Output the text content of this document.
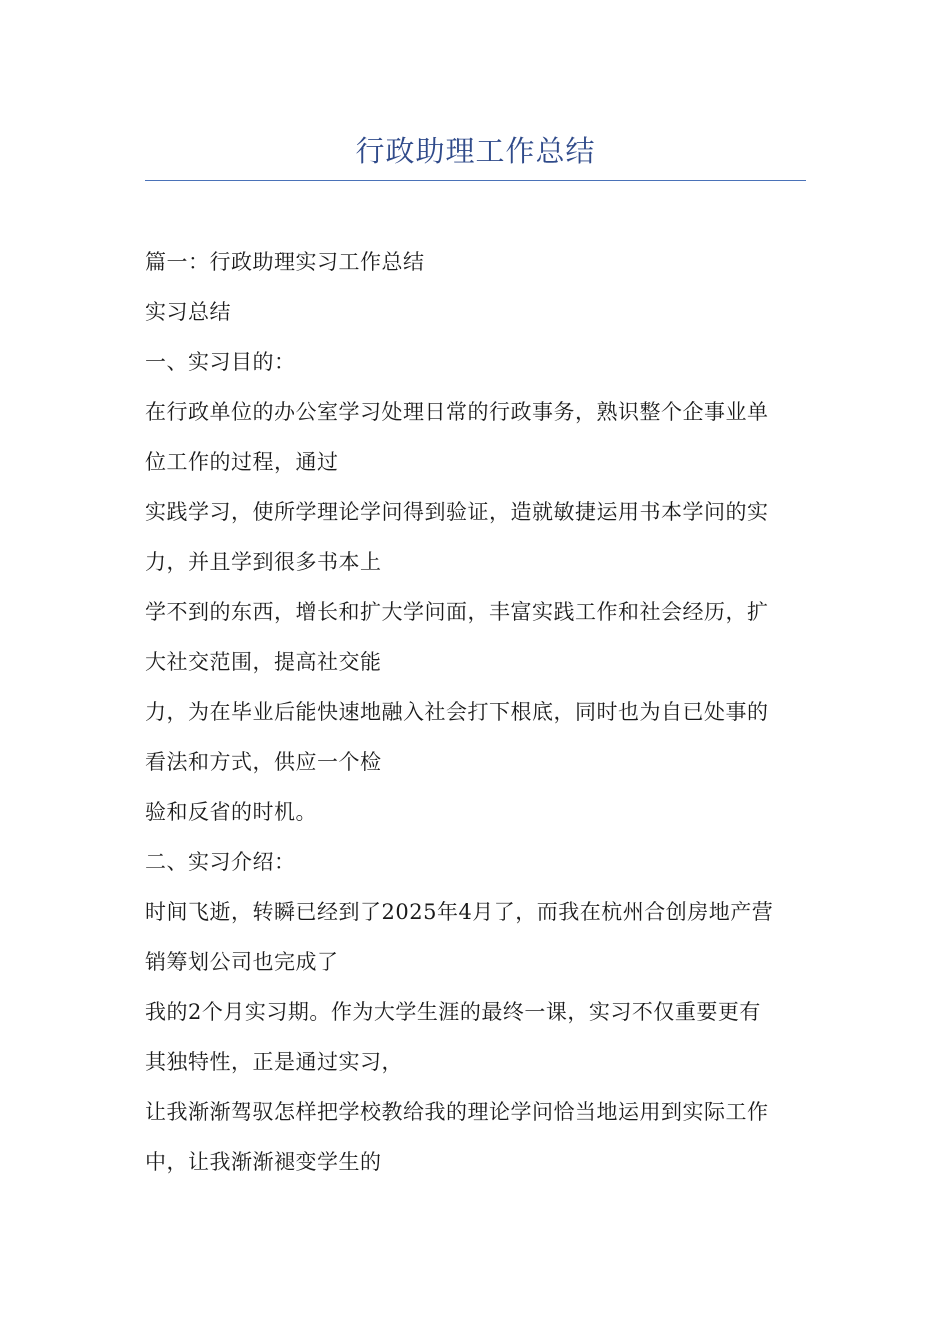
行政助理工作总结
篇一：行政助理实习工作总结
实习总结
一、实习目的：
在行政单位的办公室学习处理日常的行政事务，熟识整个企事业单
位工作的过程，通过
实践学习，使所学理论学问得到验证，造就敏捷运用书本学问的实
力，并且学到很多书本上
学不到的东西，增长和扩大学问面，丰富实践工作和社会经历，扩
大社交范围，提高社交能
力，为在毕业后能快速地融入社会打下根底，同时也为自已处事的
看法和方式，供应一个检
验和反省的时机。
二、实习介绍：
时间飞逝，转瞬已经到了2025年4月了，而我在杭州合创房地产营
销筹划公司也完成了
我的2个月实习期。作为大学生涯的最终一课，实习不仅重要更有
其独特性，正是通过实习，
让我渐渐驾驭怎样把学校教给我的理论学问恰当地运用到实际工作
中，让我渐渐褪变学生的
